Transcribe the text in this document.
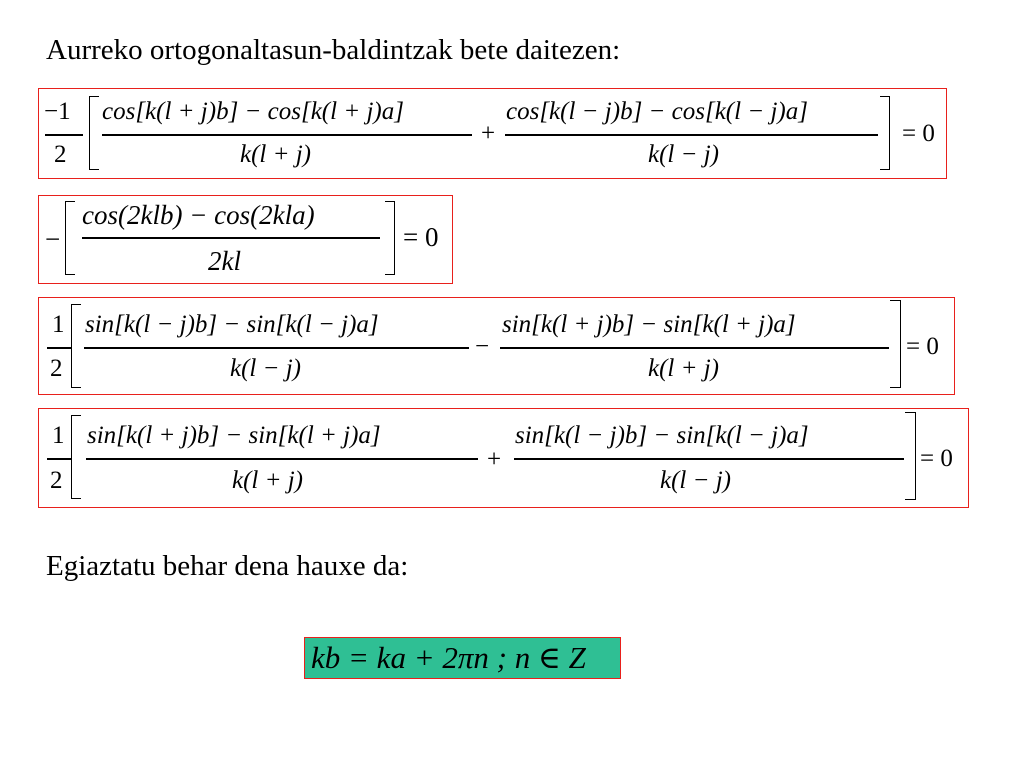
Aurreko ortogonaltasun-baldintzak bete daitezen:
−1
2
cos[k(l + j)b] − cos[k(l + j)a]
k(l + j)
+
cos[k(l − j)b] − cos[k(l − j)a]
k(l − j)
= 0
−
cos(2klb) − cos(2kla)
2kl
= 0
1
2
sin[k(l − j)b] − sin[k(l − j)a]
k(l − j)
−
sin[k(l + j)b] − sin[k(l + j)a]
k(l + j)
= 0
1
2
sin[k(l + j)b] − sin[k(l + j)a]
k(l + j)
+
sin[k(l − j)b] − sin[k(l − j)a]
k(l − j)
= 0
Egiaztatu behar dena hauxe da:
kb = ka + 2πn ; n ∈ Z
